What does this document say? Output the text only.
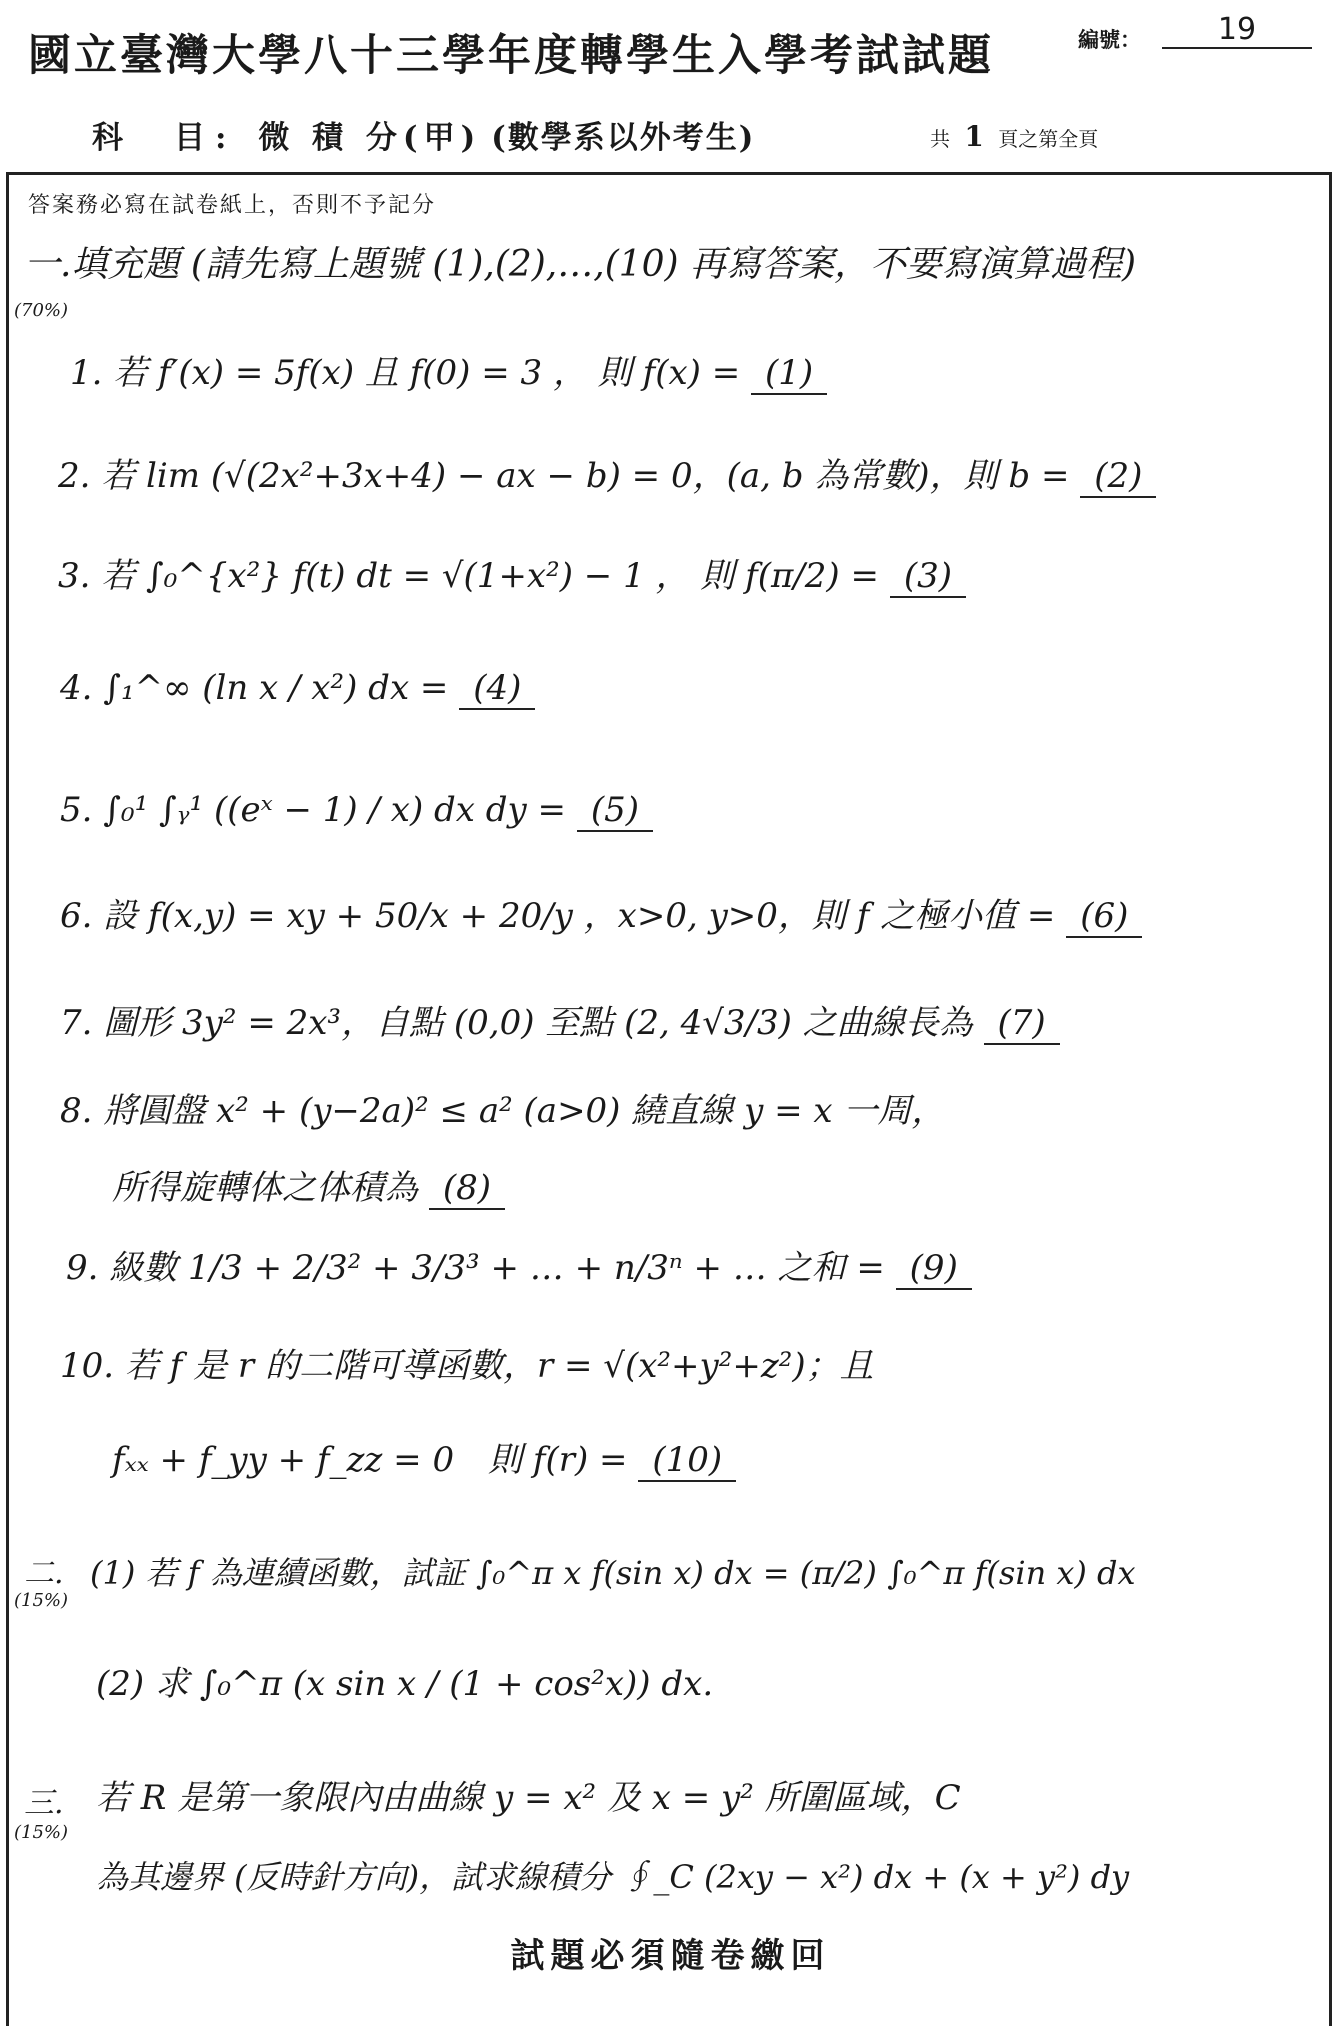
國立臺灣大學八十三學年度轉學生入學考試試題	編號：	19
科　目: 微 積 分(甲) (數學系以外考生)	共 1 頁之第全頁
答案務必寫在試卷紙上，否則不予記分
一.填充題 (請先寫上題號 (1),(2),…,(10) 再寫答案，不要寫演算過程)
(70%)
1. 若 f′(x) = 5f(x) 且 f(0) = 3 ， 則 f(x) = (1)
2. 若 lim (√(2x²+3x+4) − ax − b) = 0，(a, b 為常數)，則 b = (2)
3. 若 ∫₀^{x²} f(t) dt = √(1+x²) − 1 ， 則 f(π/2) = (3)
4. ∫₁^∞ (ln x / x²) dx = (4)
5. ∫₀¹ ∫ᵧ¹ ((eˣ − 1) / x) dx dy = (5)
6. 設 f(x,y) = xy + 50/x + 20/y ，x>0, y>0，則 f 之極小值 = (6)
7. 圖形 3y² = 2x³，自點 (0,0) 至點 (2, 4√3/3) 之曲線長為 (7)
8. 將圓盤 x² + (y−2a)² ≤ a² (a>0) 繞直線 y = x 一周，
所得旋轉体之体積為 (8)
9. 級數 1/3 + 2/3² + 3/3³ + … + n/3ⁿ + … 之和 = (9)
10. 若 f 是 r 的二階可導函數，r = √(x²+y²+z²)；且
fₓₓ + f_yy + f_zz = 0　則 f(r) = (10)
二.
(15%)
(1) 若 f 為連續函數，試証 ∫₀^π x f(sin x) dx = (π/2) ∫₀^π f(sin x) dx
(2) 求 ∫₀^π (x sin x / (1 + cos²x)) dx.
三.
(15%)
若 R 是第一象限內由曲線 y = x² 及 x = y² 所圍區域，C
為其邊界 (反時針方向)，試求線積分 ∮_C (2xy − x²) dx + (x + y²) dy
試題必須隨卷繳回
